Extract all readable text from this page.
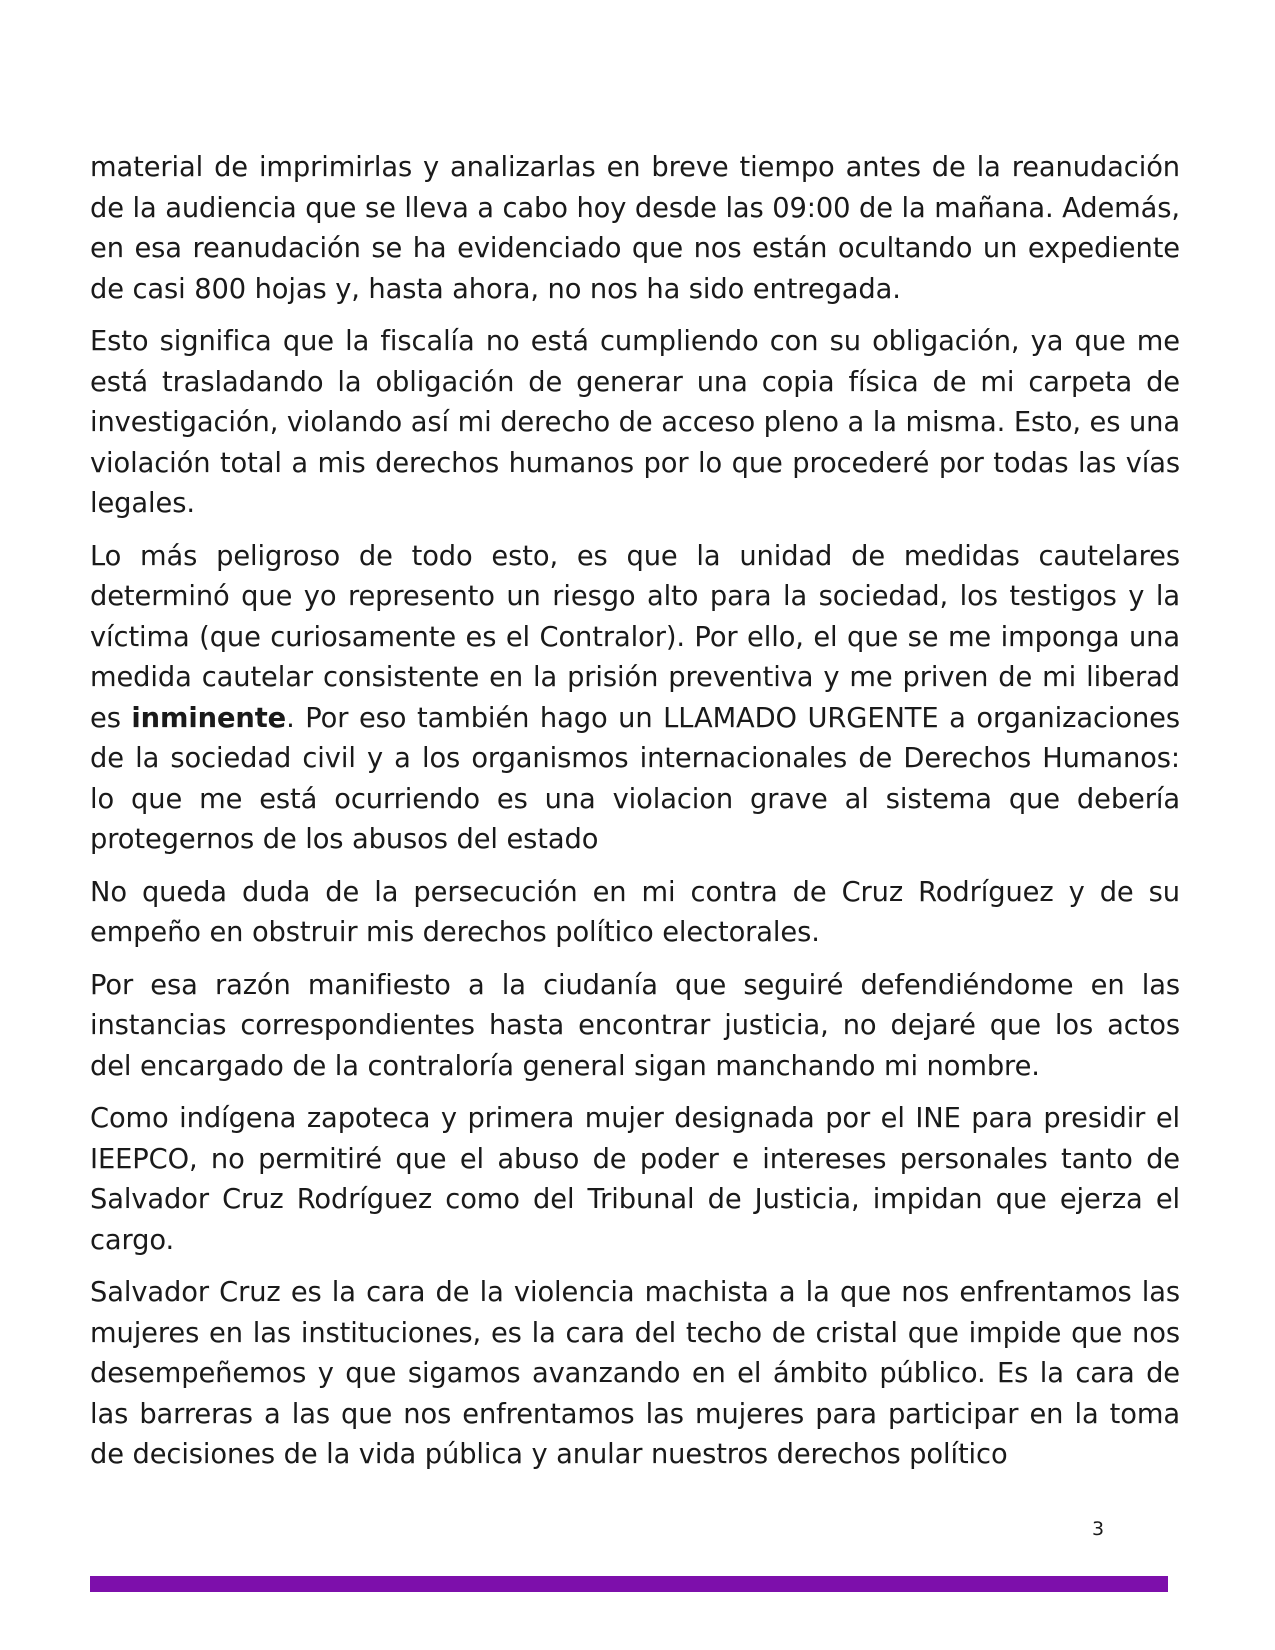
material de imprimirlas y analizarlas en breve tiempo antes de la reanudación de la audiencia que se lleva a cabo hoy desde las 09:00 de la mañana. Además, en esa reanudación se ha evidenciado que nos están ocultando un expediente de casi 800 hojas y, hasta ahora, no nos ha sido entregada.

Esto significa que la fiscalía no está cumpliendo con su obligación, ya que me está trasladando la obligación de generar una copia física de mi carpeta de investigación, violando así mi derecho de acceso pleno a la misma. Esto, es una violación total a mis derechos humanos por lo que procederé por todas las vías legales.

Lo más peligroso de todo esto, es que la unidad de medidas cautelares determinó que yo represento un riesgo alto para la sociedad, los testigos y la víctima (que curiosamente es el Contralor). Por ello, el que se me imponga una medida cautelar consistente en la prisión preventiva y me priven de mi liberad es inminente. Por eso también hago un LLAMADO URGENTE a organizaciones de la sociedad civil y a los organismos internacionales de Derechos Humanos: lo que me está ocurriendo es una violacion grave al sistema que debería protegernos de los abusos del estado

No queda duda de la persecución en mi contra de Cruz Rodríguez y de su empeño en obstruir mis derechos político electorales.

Por esa razón manifiesto a la ciudanía que seguiré defendiéndome en las instancias correspondientes hasta encontrar justicia, no dejaré que los actos del encargado de la contraloría general sigan manchando mi nombre.

Como indígena zapoteca y primera mujer designada por el INE para presidir el IEEPCO, no permitiré que el abuso de poder e intereses personales tanto de Salvador Cruz Rodríguez como del Tribunal de Justicia, impidan que ejerza el cargo.

Salvador Cruz es la cara de la violencia machista a la que nos enfrentamos las mujeres en las instituciones, es la cara del techo de cristal que impide que nos desempeñemos y que sigamos avanzando en el ámbito público. Es la cara de las barreras a las que nos enfrentamos las mujeres para participar en la toma de decisiones de la vida pública y anular nuestros derechos político

3
